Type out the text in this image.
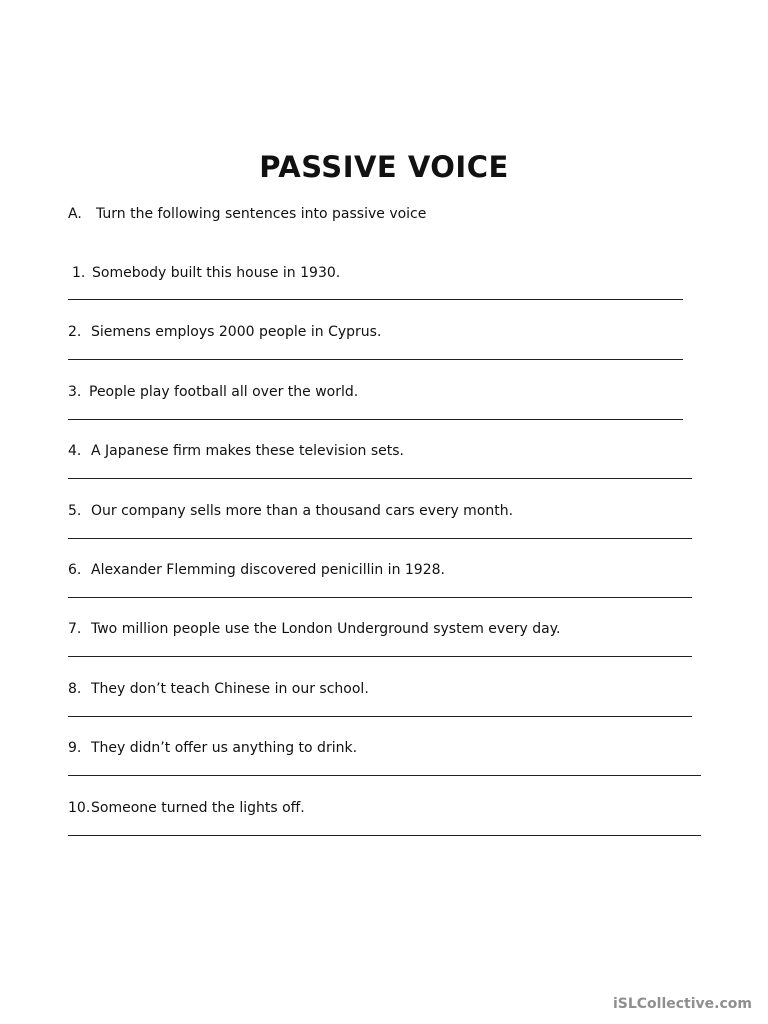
PASSIVE VOICE
A. Turn the following sentences into passive voice
1. Somebody built this house in 1930.
2. Siemens employs 2000 people in Cyprus.
3. People play football all over the world.
4. A Japanese firm makes these television sets.
5. Our company sells more than a thousand cars every month.
6. Alexander Flemming discovered penicillin in 1928.
7. Two million people use the London Underground system every day.
8. They don’t teach Chinese in our school.
9. They didn’t offer us anything to drink.
10.Someone turned the lights off.
iSLCollective.com
